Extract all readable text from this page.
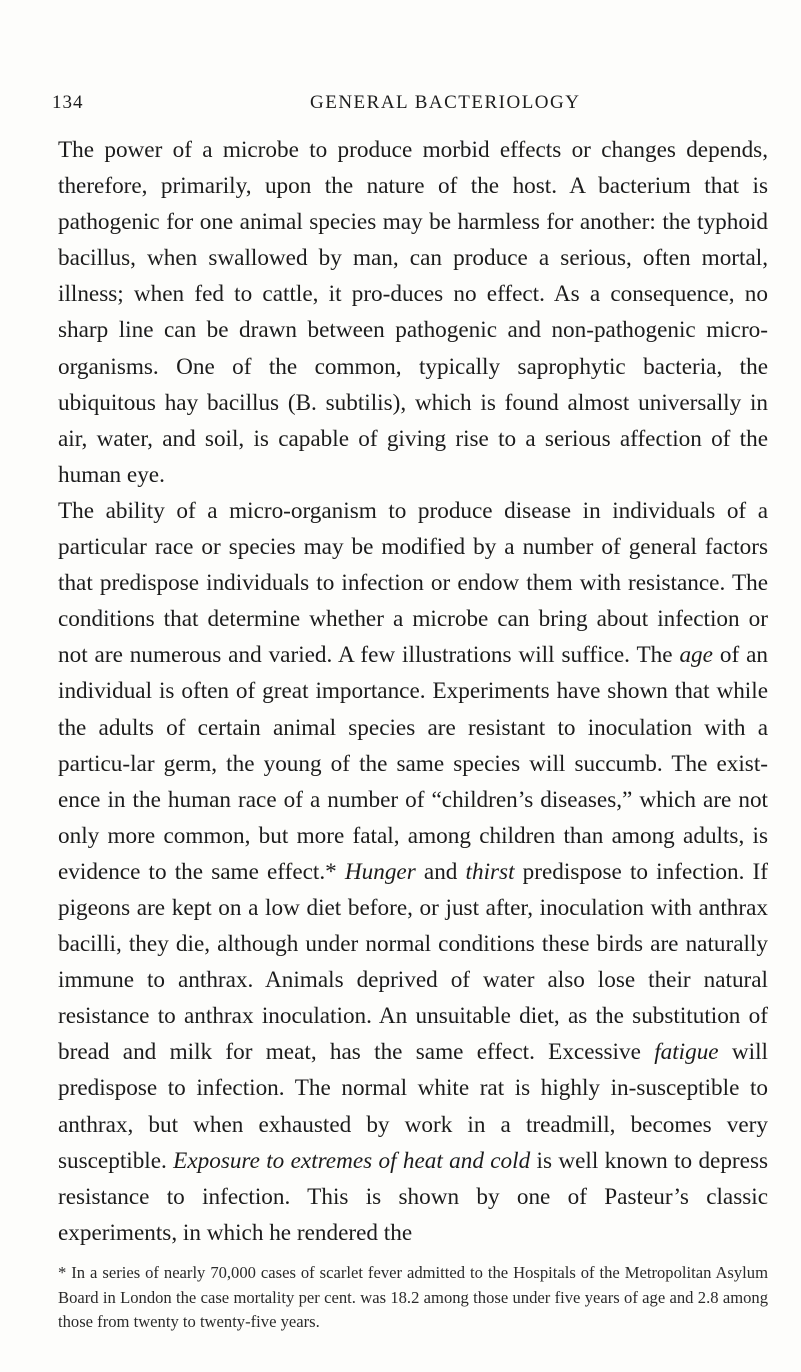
134	GENERAL BACTERIOLOGY

The power of a microbe to produce morbid effects or changes depends, therefore, primarily, upon the nature of the host. A bacterium that is pathogenic for one animal species may be harmless for another: the typhoid bacillus, when swallowed by man, can produce a serious, often mortal, illness; when fed to cattle, it pro-duces no effect. As a consequence, no sharp line can be drawn between pathogenic and non-pathogenic micro-organisms. One of the common, typically saprophytic bacteria, the ubiquitous hay bacillus (B. subtilis), which is found almost universally in air, water, and soil, is capable of giving rise to a serious affection of the human eye.

The ability of a micro-organism to produce disease in individuals of a particular race or species may be modified by a number of general factors that predispose individuals to infection or endow them with resistance. The conditions that determine whether a microbe can bring about infection or not are numerous and varied. A few illustrations will suffice. The age of an individual is often of great importance. Experiments have shown that while the adults of certain animal species are resistant to inoculation with a particu-lar germ, the young of the same species will succumb. The exist-ence in the human race of a number of “children’s diseases,” which are not only more common, but more fatal, among children than among adults, is evidence to the same effect.* Hunger and thirst predispose to infection. If pigeons are kept on a low diet before, or just after, inoculation with anthrax bacilli, they die, although under normal conditions these birds are naturally immune to anthrax. Animals deprived of water also lose their natural resistance to anthrax inoculation. An unsuitable diet, as the substitution of bread and milk for meat, has the same effect. Excessive fatigue will predispose to infection. The normal white rat is highly in-susceptible to anthrax, but when exhausted by work in a treadmill, becomes very susceptible. Exposure to extremes of heat and cold is well known to depress resistance to infection. This is shown by one of Pasteur’s classic experiments, in which he rendered the

* In a series of nearly 70,000 cases of scarlet fever admitted to the Hospitals of the Metropolitan Asylum Board in London the case mortality per cent. was 18.2 among those under five years of age and 2.8 among those from twenty to twenty-five years.
